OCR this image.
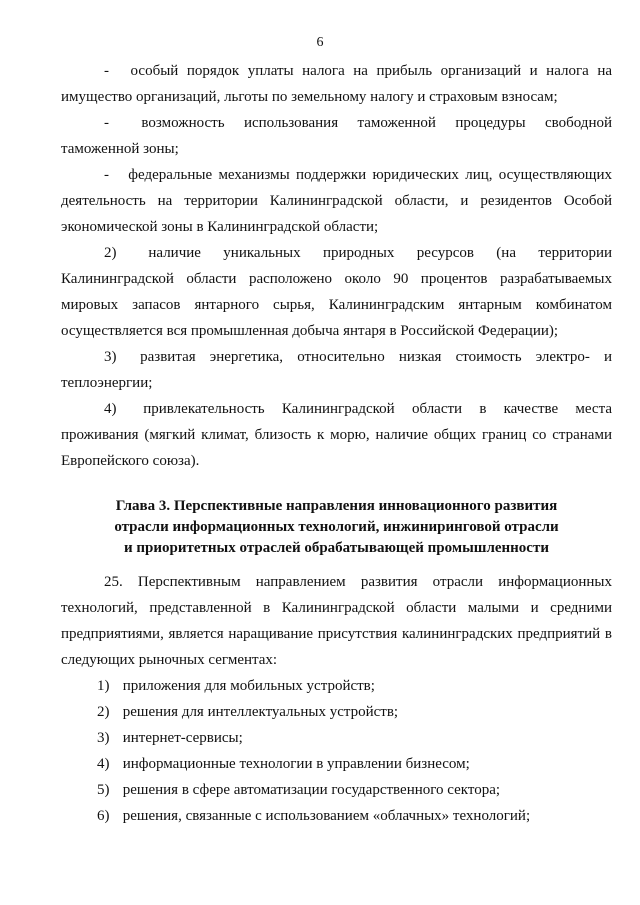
6

- особый порядок уплаты налога на прибыль организаций и налога на имущество организаций, льготы по земельному налогу и страховым взносам;

- возможность использования таможенной процедуры свободной таможенной зоны;

- федеральные механизмы поддержки юридических лиц, осуществляющих деятельность на территории Калининградской области, и резидентов Особой экономической зоны в Калининградской области;

2) наличие уникальных природных ресурсов (на территории Калининградской области расположено около 90 процентов разрабатываемых мировых запасов янтарного сырья, Калининградским янтарным комбинатом осуществляется вся промышленная добыча янтаря в Российской Федерации);

3) развитая энергетика, относительно низкая стоимость электро- и теплоэнергии;

4) привлекательность Калининградской области в качестве места проживания (мягкий климат, близость к морю, наличие общих границ со странами Европейского союза).

Глава 3. Перспективные направления инновационного развития
отрасли информационных технологий, инжиниринговой отрасли
и приоритетных отраслей обрабатывающей промышленности

25. Перспективным направлением развития отрасли информационных технологий, представленной в Калининградской области малыми и средними предприятиями, является наращивание присутствия калининградских предприятий в следующих рыночных сегментах:

1) приложения для мобильных устройств;

2) решения для интеллектуальных устройств;

3) интернет-сервисы;

4) информационные технологии в управлении бизнесом;

5) решения в сфере автоматизации государственного сектора;

6) решения, связанные с использованием «облачных» технологий;
